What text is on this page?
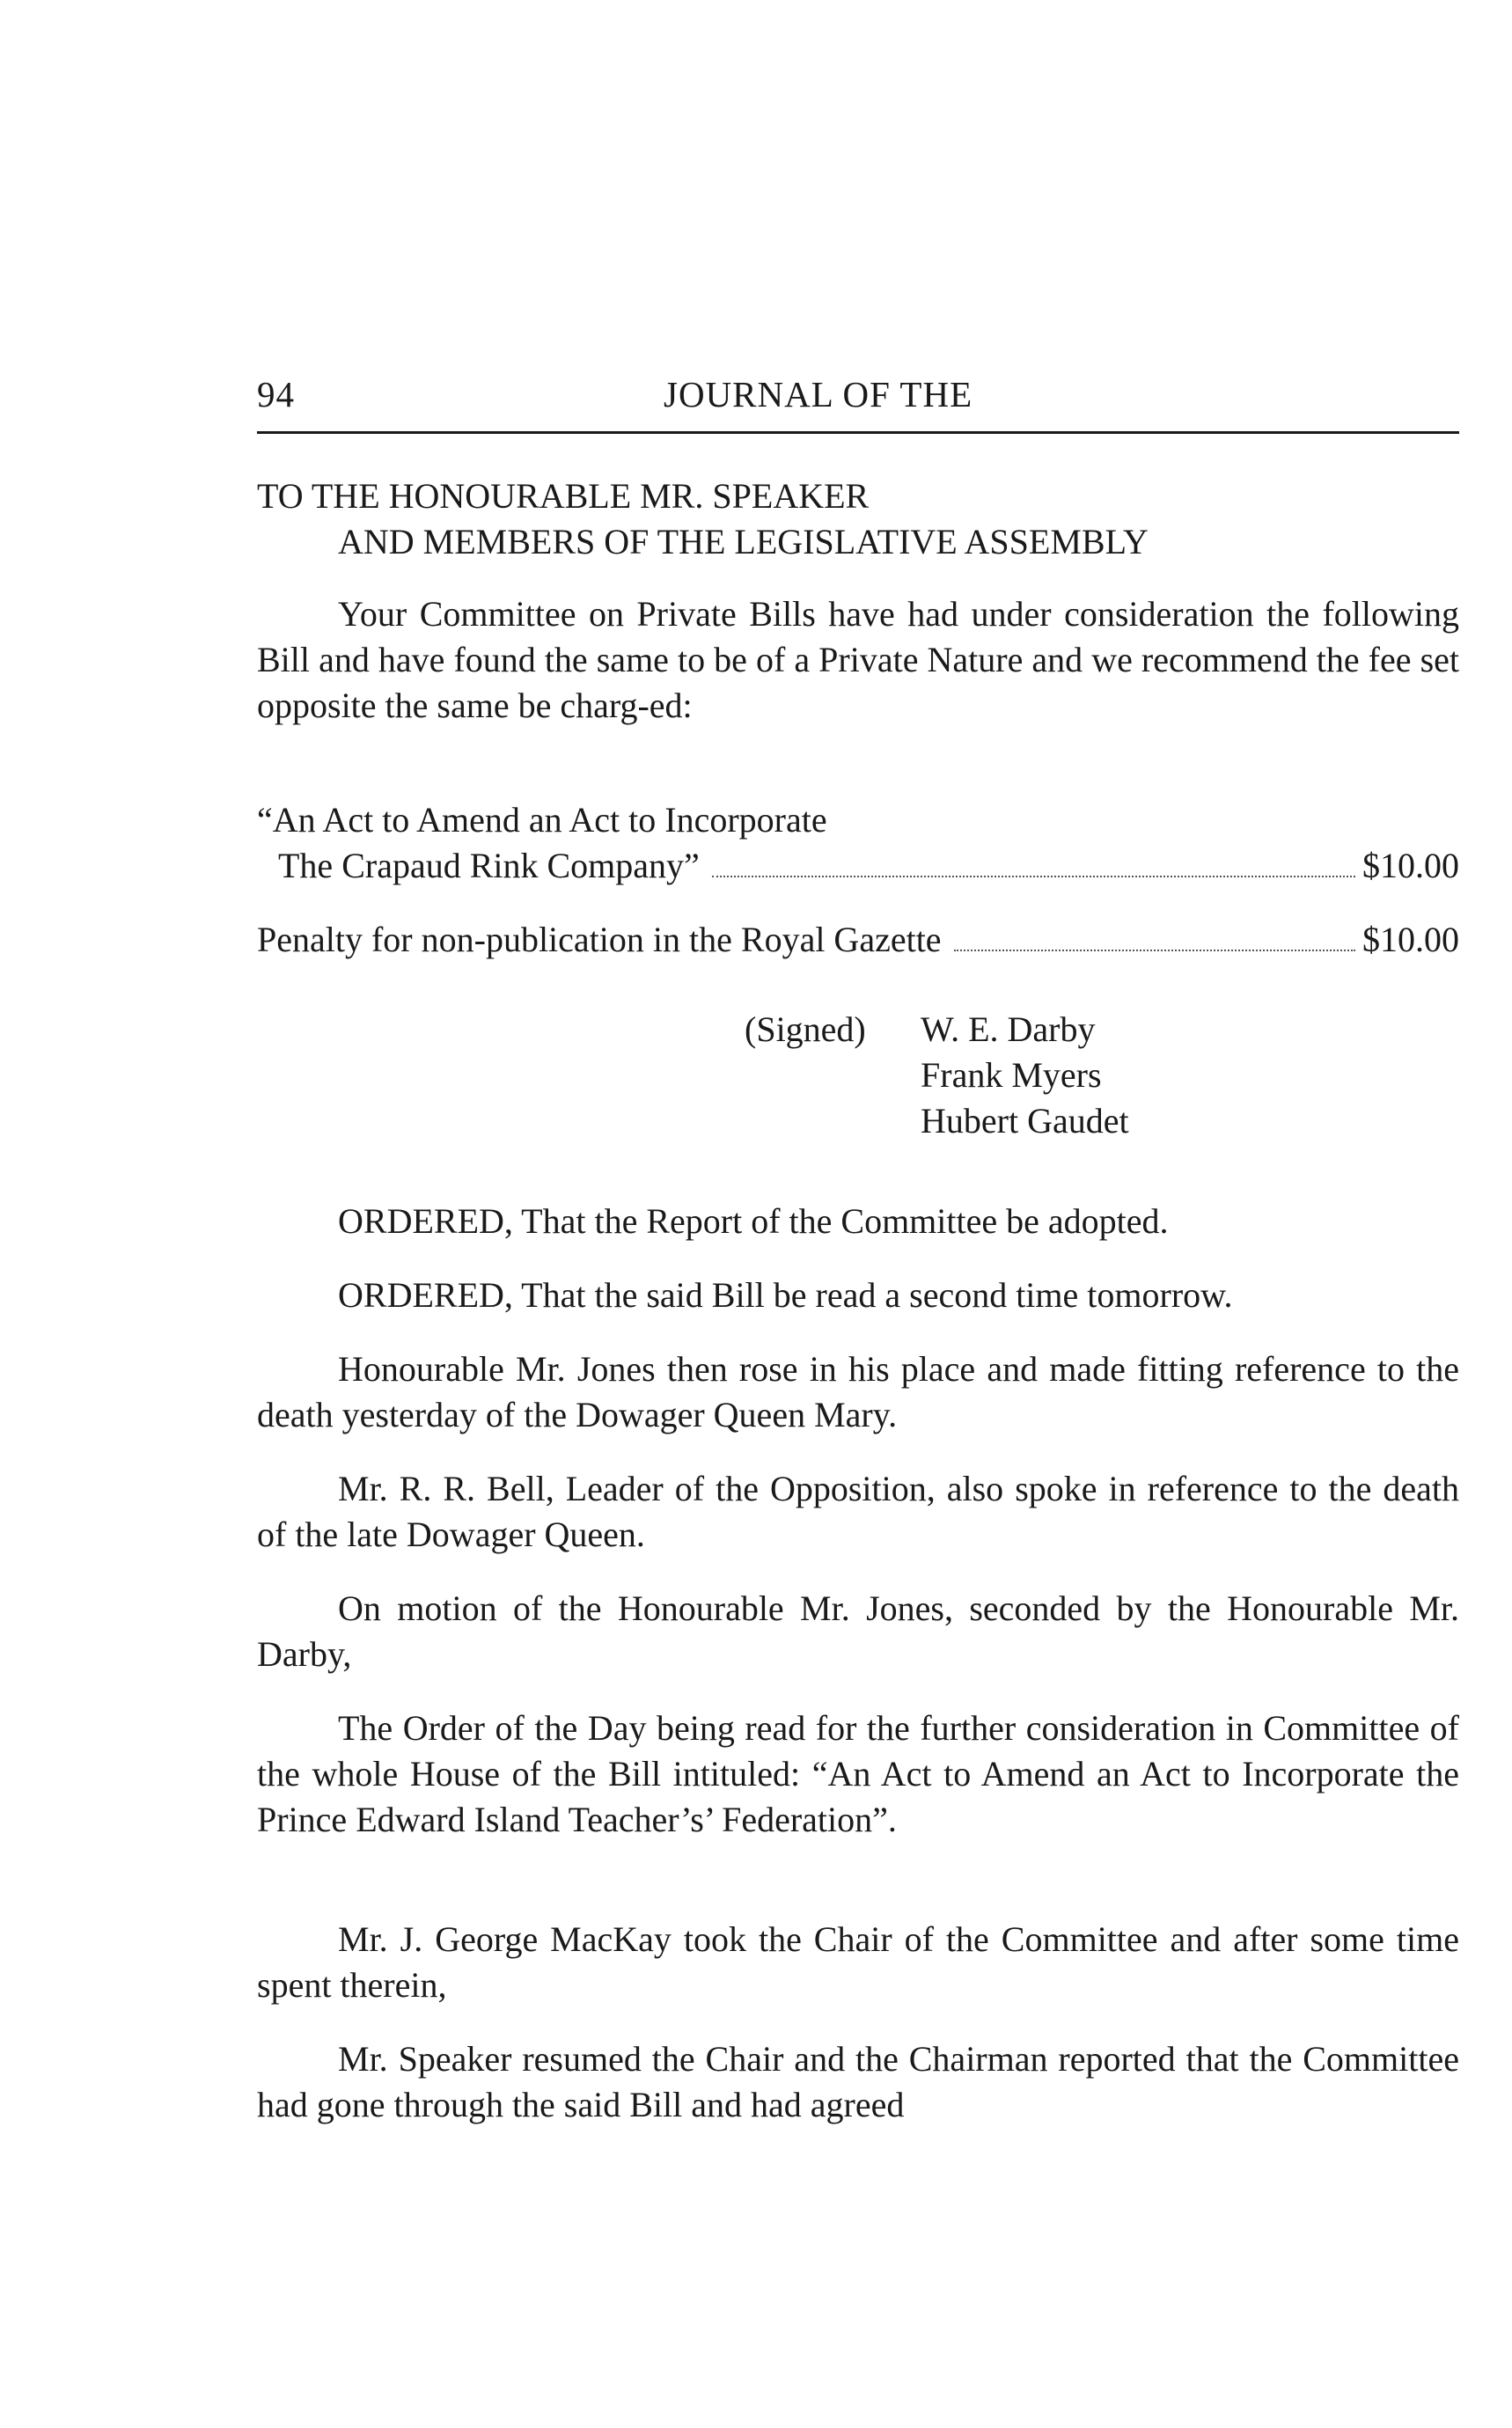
94	JOURNAL OF THE
TO THE HONOURABLE MR. SPEAKER
AND MEMBERS OF THE LEGISLATIVE ASSEMBLY

Your Committee on Private Bills have had under consideration the following Bill and have found the same to be of a Private Nature and we recommend the fee set opposite the same be charg-ed:

“An Act to Amend an Act to Incorporate
The Crapaud Rink Company”	$10.00
Penalty for non-publication in the Royal Gazette	$10.00
(Signed) W. E. Darby
Frank Myers
Hubert Gaudet

ORDERED, That the Report of the Committee be adopted.

ORDERED, That the said Bill be read a second time tomorrow.

Honourable Mr. Jones then rose in his place and made fitting reference to the death yesterday of the Dowager Queen Mary.

Mr. R. R. Bell, Leader of the Opposition, also spoke in reference to the death of the late Dowager Queen.

On motion of the Honourable Mr. Jones, seconded by the Honourable Mr. Darby,

The Order of the Day being read for the further consideration in Committee of the whole House of the Bill intituled: “An Act to Amend an Act to Incorporate the Prince Edward Island Teacher’s’ Federation”.

Mr. J. George MacKay took the Chair of the Committee and after some time spent therein,

Mr. Speaker resumed the Chair and the Chairman reported that the Committee had gone through the said Bill and had agreed
